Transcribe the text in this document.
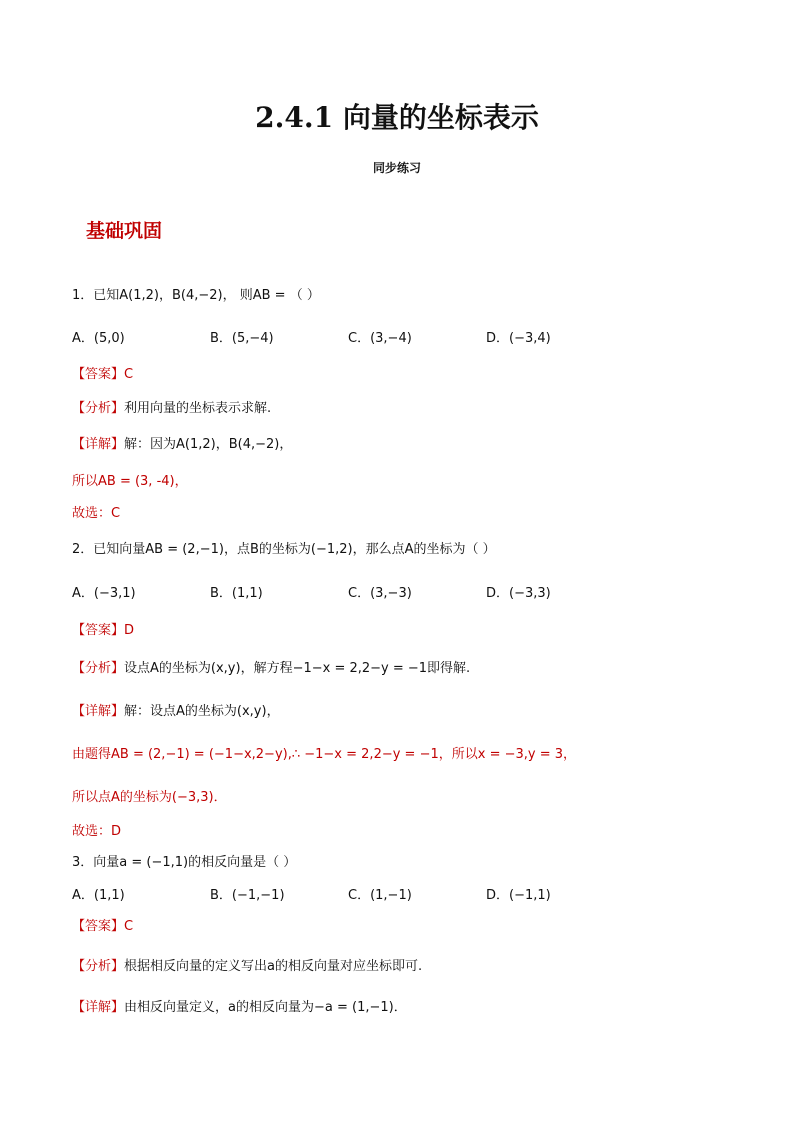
2.4.1 向量的坐标表示
同步练习
基础巩固
1．已知A(1,2)，B(4,−2)， 则AB = （ ）
A．(5,0)	B．(5,−4)	C．(3,−4)	D．(−3,4)
【答案】C
【分析】利用向量的坐标表示求解.
【详解】解：因为A(1,2)，B(4,−2)，
所以AB = (3, -4)，
故选：C
2．已知向量AB = (2,−1)，点B的坐标为(−1,2)，那么点A的坐标为（ ）
A．(−3,1)	B．(1,1)	C．(3,−3)	D．(−3,3)
【答案】D
【分析】设点A的坐标为(x,y)，解方程−1−x = 2,2−y = −1即得解.
【详解】解：设点A的坐标为(x,y)，
由题得AB = (2,−1) = (−1−x,2−y),∴ −1−x = 2,2−y = −1，所以x = −3,y = 3，
所以点A的坐标为(−3,3)．
故选：D
3．向量a = (−1,1)的相反向量是（ ）
A．(1,1)	B．(−1,−1)	C．(1,−1)	D．(−1,1)
【答案】C
【分析】根据相反向量的定义写出a的相反向量对应坐标即可.
【详解】由相反向量定义，a的相反向量为−a = (1,−1)．
